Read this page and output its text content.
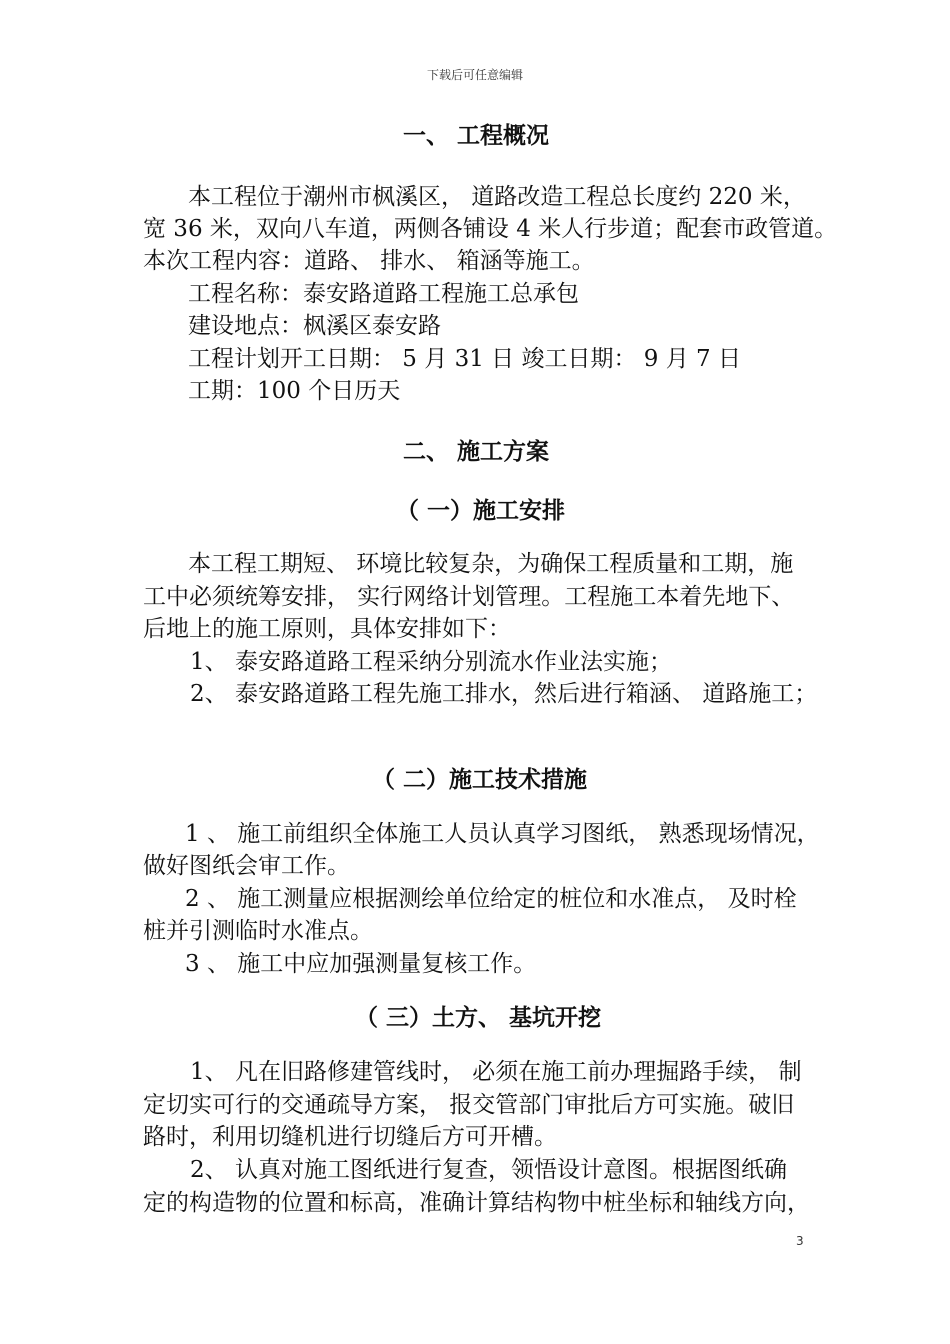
下载后可任意编辑
一、 工程概况
本工程位于潮州市枫溪区， 道路改造工程总长度约 220 米，
宽 36 米，双向八车道，两侧各铺设 4 米人行步道；配套市政管道。
本次工程内容：道路、 排水、 箱涵等施工。
工程名称：泰安路道路工程施工总承包
建设地点：枫溪区泰安路
工程计划开工日期： 5 月 31 日 竣工日期： 9 月 7 日
工期：100 个日历天
二、 施工方案
（ 一）施工安排
本工程工期短、 环境比较复杂，为确保工程质量和工期，施
工中必须统筹安排， 实行网络计划管理。工程施工本着先地下、
后地上的施工原则，具体安排如下：
1、 泰安路道路工程采纳分别流水作业法实施；
2、 泰安路道路工程先施工排水，然后进行箱涵、 道路施工；
（ 二）施工技术措施
1 、 施工前组织全体施工人员认真学习图纸， 熟悉现场情况，
做好图纸会审工作。
2 、 施工测量应根据测绘单位给定的桩位和水准点， 及时栓
桩并引测临时水准点。
3 、 施工中应加强测量复核工作。
（ 三）土方、 基坑开挖
1、 凡在旧路修建管线时， 必须在施工前办理掘路手续， 制
定切实可行的交通疏导方案， 报交管部门审批后方可实施。破旧
路时，利用切缝机进行切缝后方可开槽。
2、 认真对施工图纸进行复查，领悟设计意图。根据图纸确
定的构造物的位置和标高，准确计算结构物中桩坐标和轴线方向，
3
